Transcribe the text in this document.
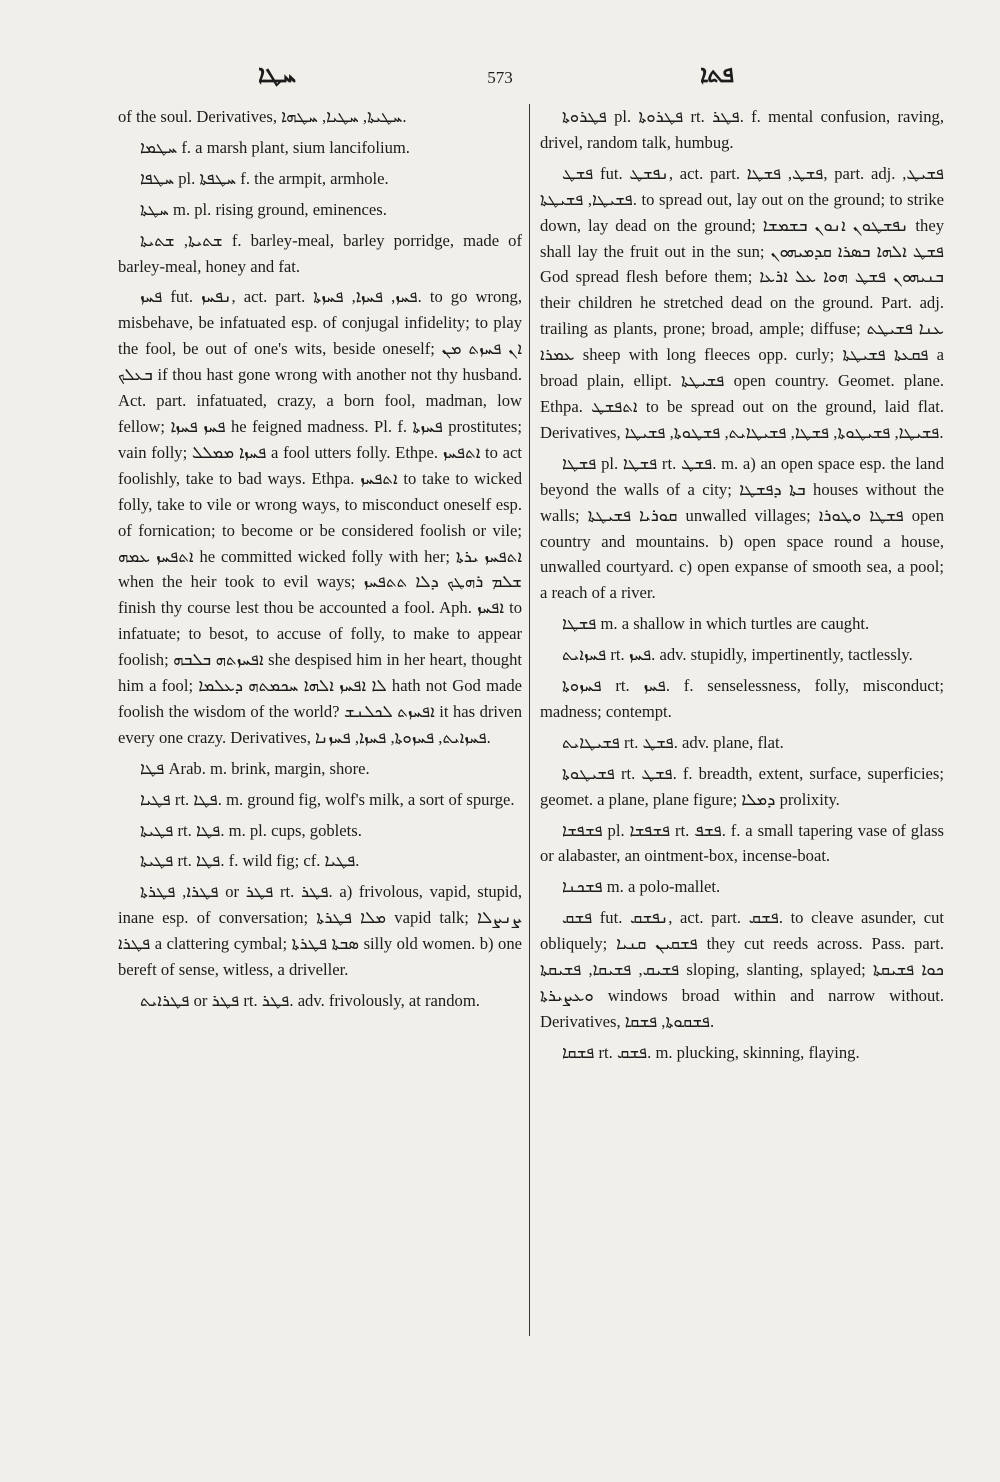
ܚܛܐ	573	ܦܬܐ
of the soul. Derivatives, ܚܛܝܬܐ, ܚܛܝܐ, ܚܛܗܐ.
ܚܛܡܐ f. a marsh plant, sium lancifolium.
ܚܛܦܐ pl. ܚܛܦܬܐ f. the armpit, armhole.
ܚܛܬܐ m. pl. rising ground, eminences.
ܫܬܝܬܐ, ܫܬܝܬܐ f. barley-meal, barley porridge, made of barley-meal, honey and fat.
ܦܚܙ fut. ܢܦܚܙ, act. part. ܦܚܙ, ܦܚܙܐ, ܦܚܙܬܐ. to go wrong, misbehave, be infatuated esp. of conjugal infidelity; to play the fool, be out of one's wits, beside oneself; ܐܢ ܦܚܙܬ ܡܢ ܒܥܠܟ if thou hast gone wrong with another not thy husband. Act. part. infatuated, crazy, a born fool, madman, low fellow; ܦܚܙ ܦܚܙܐ he feigned madness. Pl. f. ܦܚܙܬܐ prostitutes; vain folly; ܦܚܙܐ ܡܡܠܠ a fool utters folly. Ethpe. ܐܬܦܚܙ to act foolishly, take to bad ways. Ethpa. ܐܬܦܚܙ to take to wicked folly, take to vile or wrong ways, to misconduct oneself esp. of fornication; to become or be considered foolish or vile; ܐܬܦܚܙ ܥܡܗ he committed wicked folly with her; ܐܬܦܚܙ ܝܪܬܐ when the heir took to evil ways; ܫܠܡ ܪܗܛܟ ܕܠܐ ܬܬܦܚܙ finish thy course lest thou be accounted a fool. Aph. ܐܦܚܙ to infatuate; to besot, to accuse of folly, to make to appear foolish; ܐܦܚܙܬܗ ܒܠܒܗ she despised him in her heart, thought him a fool; ܠܐ ܐܦܚܙ ܐܠܗܐ ܚܟܡܬܗ ܕܥܠܡܐ hath not God made foolish the wisdom of the world? ܐܦܚܙܬ ܠܟܠܢܫ it has driven every one crazy. Derivatives, ܦܚܙܐܝܬ, ܦܚܙܘܬܐ, ܦܚܙܐ, ܦܚܙܢܐ.
ܦܛܐ Arab. m. brink, margin, shore.
ܦܛܝܐ rt. ܦܛܐ. m. ground fig, wolf's milk, a sort of spurge.
ܦܛܝܬܐ rt. ܦܛܐ. m. pl. cups, goblets.
ܦܛܝܬܐ rt. ܦܛܐ. f. wild fig; cf. ܦܛܝܐ.
ܦܛܪܐ, ܦܛܪܬܐ or ܦܛܪ rt. ܦܛܪ. a) frivolous, vapid, stupid, inane esp. of conversation; ܡܠܐ ܦܛܪܬܐ vapid talk; ܨܢܨܠܐ ܦܛܪܐ a clattering cymbal; ܣܒܬܐ ܦܛܪܬܐ silly old women. b) one bereft of sense, witless, a driveller.
ܦܛܪܐܝܬ or ܦܛܪ rt. ܦܛܪ. adv. frivolously, at random.
ܦܛܪܘܬܐ pl. ܦܛܪܘܬܐ rt. ܦܛܪ. f. mental confusion, raving, drivel, random talk, humbug.
ܦܫܛ fut. ܢܦܫܛ, act. part. ܦܫܛ, ܦܫܛܐ, part. adj. ܦܫܝܛ, ܦܫܝܛܐ, ܦܫܝܛܬܐ. to spread out, lay out on the ground; to strike down, lay dead on the ground; ܢܦܫܛܘܢ ܐܢܘܢ ܒܫܡܫܐ they shall lay the fruit out in the sun; ܦܫܛ ܐܠܗܐ ܒܣܪܐ ܩܕܡܝܗܘܢ God spread flesh before them; ܒܢܝܗܘܢ ܦܫܛ ܗܘܐ ܥܠ ܐܪܥܐ their children he stretched dead on the ground. Part. adj. trailing as plants, prone; broad, ample; diffuse; ܥܢܐ ܦܫܝܛܬ ܥܡܪܐ sheep with long fleeces opp. curly; ܦܩܥܬܐ ܦܫܝܛܬܐ a broad plain, ellipt. ܦܫܝܛܬܐ open country. Geomet. plane. Ethpa. ܐܬܦܫܛ to be spread out on the ground, laid flat. Derivatives, ܦܫܝܛܐ, ܦܫܝܛܘܬܐ, ܦܫܛܐ, ܦܫܝܛܐܝܬ, ܦܫܛܘܬܐ, ܦܫܝܛܐ.
ܦܫܛܐ pl. ܦܫܛܐ rt. ܦܫܛ. m. a) an open space esp. the land beyond the walls of a city; ܒܬܐ ܕܦܫܛܐ houses without the walls; ܩܘܪܝܐ ܦܫܝܛܬܐ unwalled villages; ܦܫܛܐ ܘܛܘܪܐ open country and mountains. b) open space round a house, unwalled courtyard. c) open expanse of smooth sea, a pool; a reach of a river.
ܦܫܛܐ m. a shallow in which turtles are caught.
ܦܚܙܐܝܬ rt. ܦܚܙ. adv. stupidly, impertinently, tactlessly.
ܦܚܙܘܬܐ rt. ܦܚܙ. f. senselessness, folly, misconduct; madness; contempt.
ܦܫܝܛܐܝܬ rt. ܦܫܛ. adv. plane, flat.
ܦܫܝܛܘܬܐ rt. ܦܫܛ. f. breadth, extent, surface, superficies; geomet. a plane, plane figure; ܕܡܠܐ prolixity.
ܦܫܦܫܐ pl. ܦܫܦܫܐ rt. ܦܫܦ. f. a small tapering vase of glass or alabaster, an ointment-box, incense-boat.
ܦܫܟܢܐ m. a polo-mallet.
ܦܫܩ fut. ܢܦܫܩ, act. part. ܦܫܩ. to cleave asunder, cut obliquely; ܦܫܩܝܢ ܩܢܝܐ they cut reeds across. Pass. part. ܦܫܝܩ, ܦܫܝܩܐ, ܦܫܝܩܬܐ sloping, slanting, splayed; ܟܘܐ ܦܫܝܩܬܐ ܘܥܨܝܪܬܐ windows broad within and narrow without. Derivatives, ܦܫܩܘܬܐ, ܦܫܩܐ.
ܦܫܩܐ rt. ܦܫܩ. m. plucking, skinning, flaying.
